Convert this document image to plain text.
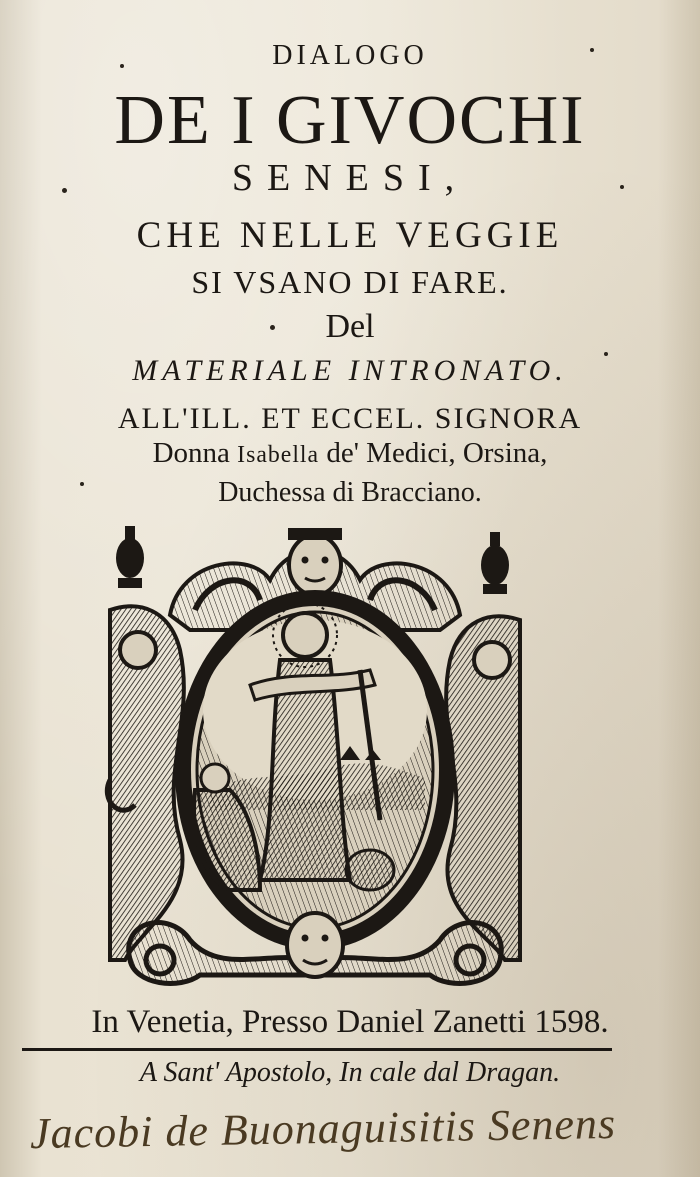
DIALOGO
DE I GIVOCHI
SENESI,
CHE NELLE VEGGIE
SI VSANO DI FARE.
Del
MATERIALE INTRONATO.
ALL'ILL. ET ECCEL. SIGNORA
Donna Isabella de' Medici, Orsina,
Duchessa di Bracciano.
In Venetia, Presso Daniel Zanetti 1598.
A Sant' Apostolo, In cale dal Dragan.
Jacobi de Buonaguisitis Senens
